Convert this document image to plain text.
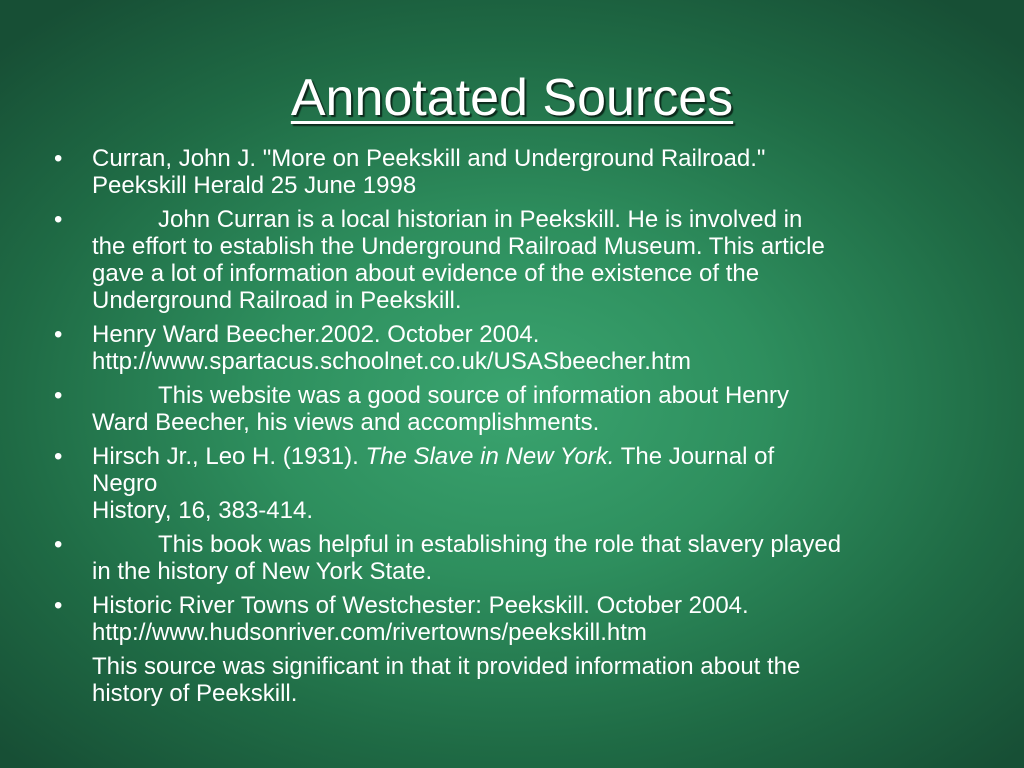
Annotated Sources
•	Curran, John J. "More on Peekskill and Underground Railroad."
Peekskill Herald 25 June 1998
•	John Curran is a local historian in Peekskill. He is involved in
the effort to establish the Underground Railroad Museum. This article
gave a lot of information about evidence of the existence of the
Underground Railroad in Peekskill.
•	Henry Ward Beecher.2002. October 2004.
http://www.spartacus.schoolnet.co.uk/USASbeecher.htm
•	This website was a good source of information about Henry
Ward Beecher, his views and accomplishments.
•	Hirsch Jr., Leo H. (1931). The Slave in New York. The Journal of
Negro
History, 16, 383-414.
•	This book was helpful in establishing the role that slavery played
in the history of New York State.
•	Historic River Towns of Westchester: Peekskill. October 2004.
http://www.hudsonriver.com/rivertowns/peekskill.htm
This source was significant in that it provided information about the
history of Peekskill.
